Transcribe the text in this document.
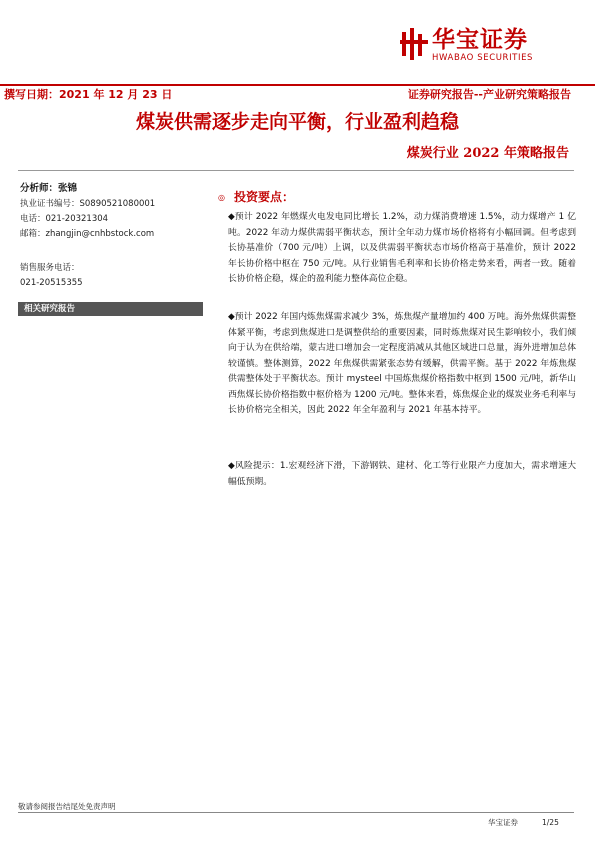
华宝证券
HWABAO SECURITIES
撰写日期：2021 年 12 月 23 日	证券研究报告--产业研究策略报告
煤炭供需逐步走向平衡，行业盈利趋稳
煤炭行业 2022 年策略报告
分析师：张锦
执业证书编号：S0890521080001
电话：021-20321304
邮箱：zhangjin@cnhbstock.com
销售服务电话：
021-20515355
相关研究报告
◎ 投资要点：
◆预计 2022 年燃煤火电发电同比增长 1.2%，动力煤消费增速 1.5%，动力煤增产 1 亿吨。2022 年动力煤供需弱平衡状态，预计全年动力煤市场价格将有小幅回调。但考虑到长协基准价（700 元/吨）上调，以及供需弱平衡状态市场价格高于基准价，预计 2022 年长协价格中枢在 750 元/吨。从行业销售毛利率和长协价格走势来看，两者一致。随着长协价格企稳，煤企的盈利能力整体高位企稳。
◆预计 2022 年国内炼焦煤需求减少 3%，炼焦煤产量增加约 400 万吨。海外焦煤供需整体紧平衡，考虑到焦煤进口是调整供给的重要因素，同时炼焦煤对民生影响较小，我们倾向于认为在供给端，蒙古进口增加会一定程度消减从其他区域进口总量，海外进增加总体较谨慎。整体测算，2022 年焦煤供需紧张态势有缓解，供需平衡。基于 2022 年炼焦煤供需整体处于平衡状态。预计 mysteel 中国炼焦煤价格指数中枢到 1500 元/吨，新华山西焦煤长协价格指数中枢价格为 1200 元/吨。整体来看，炼焦煤企业的煤炭业务毛利率与长协价格完全相关，因此 2022 年全年盈利与 2021 年基本持平。
◆风险提示：1.宏观经济下滑，下游钢铁、建材、化工等行业限产力度加大，需求增速大幅低预期。
敬请参阅报告结尾处免责声明
华宝证券	1/25
